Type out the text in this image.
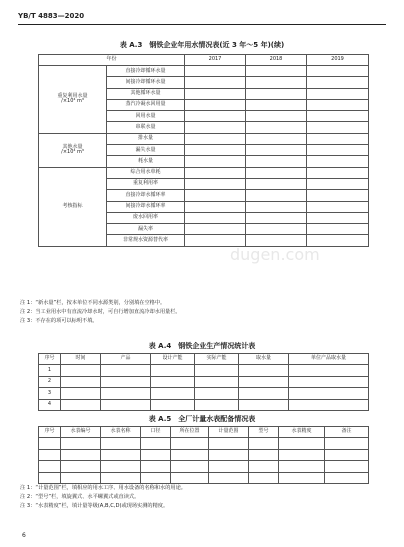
YB/T 4883—2020
dugen.com
表 A.3　钢铁企业年用水情况表(近 3 年～5 年)(续)
年份		2017	2018	2019

重复利用水量
/×10⁴ m³	直接冷却循环水量			
	间接冷却循环水量			
	其他循环水量			
	蒸汽冷凝水回用量			
	回用水量			
	串联水量			

其他水量
/×10⁴ m³	排水量			
	漏失水量			
	耗水量			

考核指标	综合用水单耗			
	重复利用率			
	直接冷却水循环率			
	间接冷却水循环率			
	废水回用率			
	漏失率			
	非常规水资源替代率			
注 1：“新水量”栏，按本单位不同水源类别，分别填在空格中。
注 2：当工业用水中有直流冷却水时，可自行增加直流冷却水用量栏。
注 3：不存在的项可以标明不填。
表 A.4　钢铁企业生产情况统计表
序号	时间	产品	设计产能	实际产能	取水量	单位产品取水量
1						
2						
3						
4						
表 A.5　全厂计量水表配备情况表
序号	水表编号	水表名称	口径	所在位置	计量范围	型号	水表精度	备注

注 1：“计量范围”栏，填相应的用水工序、用水设备的名称和水的用途。
注 2：“型号”栏，填旋翼式、水平螺翼式或直读式。
注 3：“水表精度”栏，填计量等级(A,B,C,D)或现场实测的精度。
6
